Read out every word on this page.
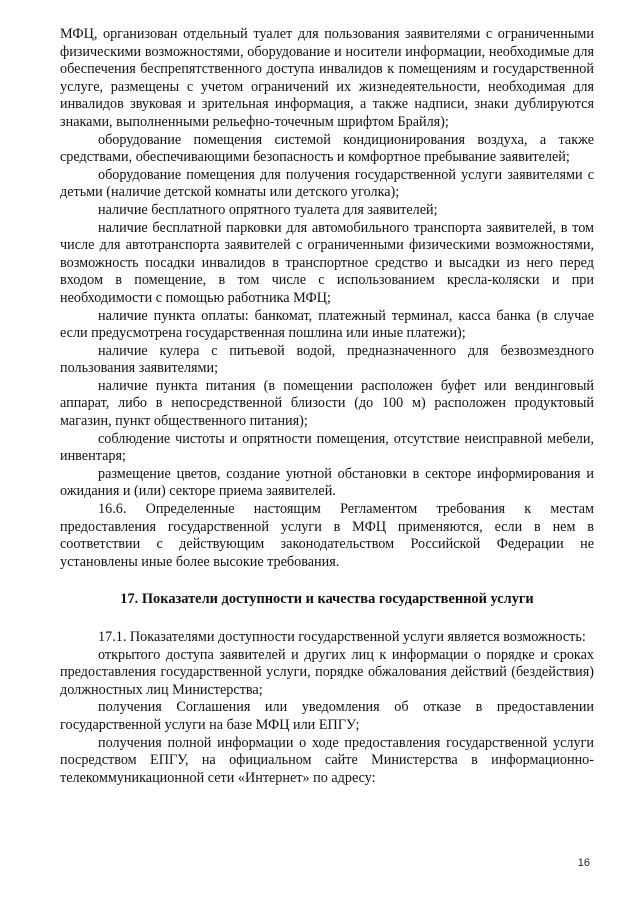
МФЦ, организован отдельный туалет для пользования заявителями с ограниченными физическими возможностями, оборудование и носители информации, необходимые для обеспечения беспрепятственного доступа инвалидов к помещениям и государственной услуге, размещены с учетом ограничений их жизнедеятельности, необходимая для инвалидов звуковая и зрительная информация, а также надписи, знаки дублируются знаками, выполненными рельефно-точечным шрифтом Брайля);

оборудование помещения системой кондиционирования воздуха, а также средствами, обеспечивающими безопасность и комфортное пребывание заявителей;

оборудование помещения для получения государственной услуги заявителями с детьми (наличие детской комнаты или детского уголка);

наличие бесплатного опрятного туалета для заявителей;

наличие бесплатной парковки для автомобильного транспорта заявителей, в том числе для автотранспорта заявителей с ограниченными физическими возможностями, возможность посадки инвалидов в транспортное средство и высадки из него перед входом в помещение, в том числе с использованием кресла-коляски и при необходимости с помощью работника МФЦ;

наличие пункта оплаты: банкомат, платежный терминал, касса банка (в случае если предусмотрена государственная пошлина или иные платежи);

наличие кулера с питьевой водой, предназначенного для безвозмездного пользования заявителями;

наличие пункта питания (в помещении расположен буфет или вендинговый аппарат, либо в непосредственной близости (до 100 м) расположен продуктовый магазин, пункт общественного питания);

соблюдение чистоты и опрятности помещения, отсутствие неисправной мебели, инвентаря;

размещение цветов, создание уютной обстановки в секторе информирования и ожидания и (или) секторе приема заявителей.

16.6. Определенные настоящим Регламентом требования к местам предоставления государственной услуги в МФЦ применяются, если в нем в соответствии с действующим законодательством Российской Федерации не установлены иные более высокие требования.

17. Показатели доступности и качества государственной услуги

17.1. Показателями доступности государственной услуги является возможность:

открытого доступа заявителей и других лиц к информации о порядке и сроках предоставления государственной услуги, порядке обжалования действий (бездействия) должностных лиц Министерства;

получения Соглашения или уведомления об отказе в предоставлении государственной услуги на базе МФЦ или ЕПГУ;

получения полной информации о ходе предоставления государственной услуги посредством ЕПГУ, на официальном сайте Министерства в информационно-телекоммуникационной сети «Интернет» по адресу:

16
